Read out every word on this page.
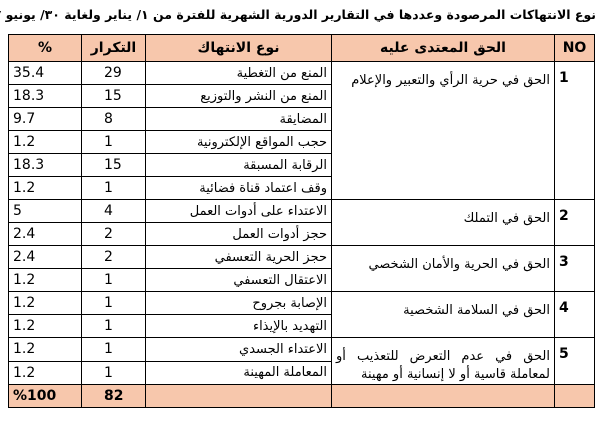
نوع الانتهاكات المرصودة وعددها في التقارير الدورية الشهرية للفترة من ١/ يناير ولغاية ٣٠/ يونيو
%	التكرار	نوع الانتهاك	الحق المعتدى عليه	NO
35.4	29	المنع من التغطية	الحق في حرية الرأي والتعبير والإعلام	1
18.3	15	المنع من النشر والتوزيع		
9.7	8	المضايقة		
1.2	1	حجب المواقع الإلكترونية		
18.3	15	الرقابة المسبقة		
1.2	1	وقف اعتماد قناة فضائية		
5	4	الاعتداء على أدوات العمل	الحق في التملك	2
2.4	2	حجز أدوات العمل		
2.4	2	حجز الحرية التعسفي	الحق في الحرية والأمان الشخصي	3
1.2	1	الاعتقال التعسفي		
1.2	1	الإصابة بجروح	الحق في السلامة الشخصية	4
1.2	1	التهديد بالإيذاء		
1.2	1	الاعتداء الجسدي	الحق في عدم التعرض للتعذيب أو لمعاملة قاسية أو لا إنسانية أو مهينة	5
1.2	1	المعاملة المهينة		
%100	82			
